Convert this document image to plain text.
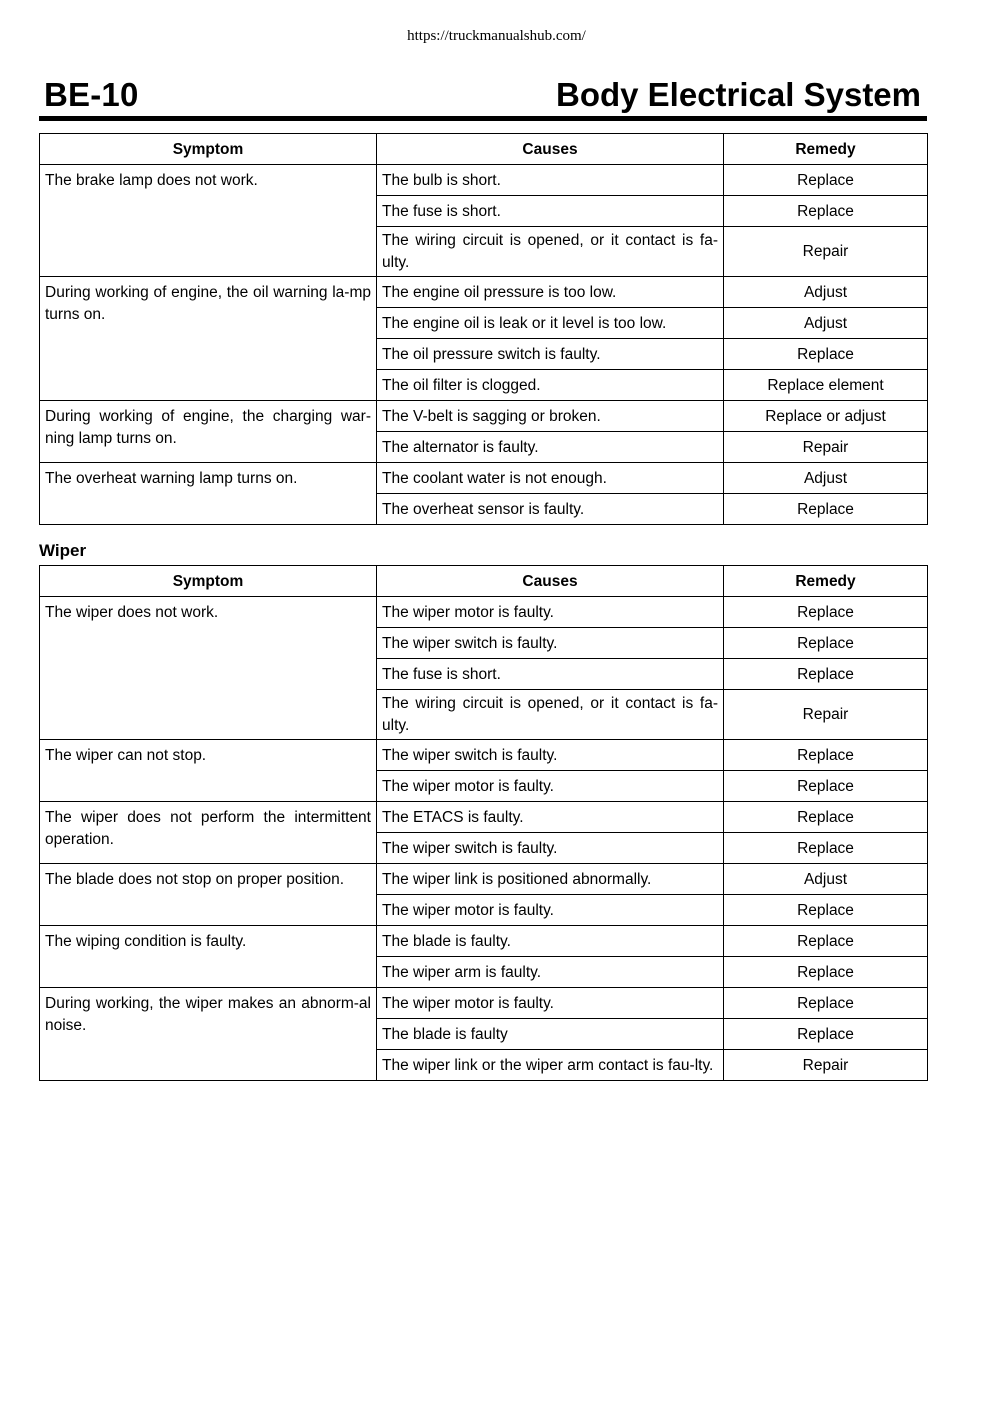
https://truckmanualshub.com/
BE-10	Body Electrical System
Symptom	Causes	Remedy
The brake lamp does not work.	The bulb is short.	Replace
	The fuse is short.	Replace
	The wiring circuit is opened, or it contact is fa-ulty.	Repair
During working of engine, the oil warning la-mp turns on.	The engine oil pressure is too low.	Adjust
	The engine oil is leak or it level is too low.	Adjust
	The oil pressure switch is faulty.	Replace
	The oil filter is clogged.	Replace element
During working of engine, the charging war-ning lamp turns on.	The V-belt is sagging or broken.	Replace or adjust
	The alternator is faulty.	Repair
The overheat warning lamp turns on.	The coolant water is not enough.	Adjust
	The overheat sensor is faulty.	Replace
Wiper
Symptom	Causes	Remedy
The wiper does not work.	The wiper motor is faulty.	Replace
	The wiper switch is faulty.	Replace
	The fuse is short.	Replace
	The wiring circuit is opened, or it contact is fa-ulty.	Repair
The wiper can not stop.	The wiper switch is faulty.	Replace
	The wiper motor is faulty.	Replace
The wiper does not perform the intermittent operation.	The ETACS is faulty.	Replace
	The wiper switch is faulty.	Replace
The blade does not stop on proper position.	The wiper link is positioned abnormally.	Adjust
	The wiper motor is faulty.	Replace
The wiping condition is faulty.	The blade is faulty.	Replace
	The wiper arm is faulty.	Replace
During working, the wiper makes an abnorm-al noise.	The wiper motor is faulty.	Replace
	The blade is faulty	Replace
	The wiper link or the wiper arm contact is fau-lty.	Repair
